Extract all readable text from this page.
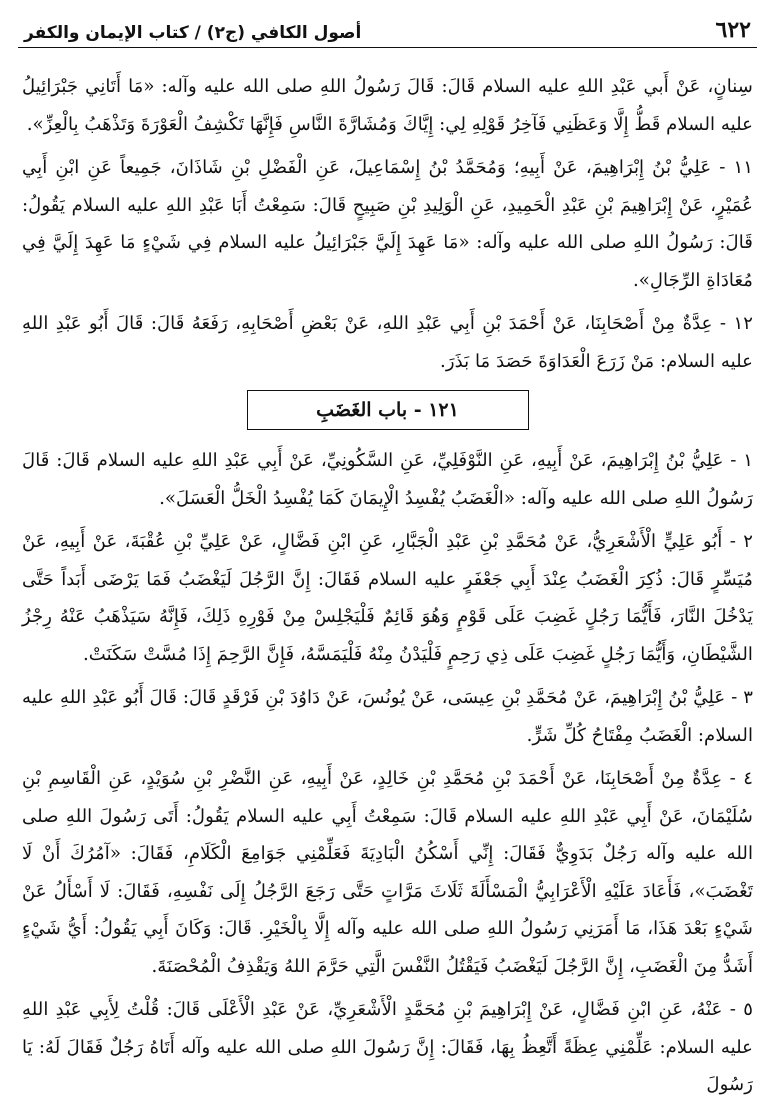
٦٢٢
أصول الكافي (ج٢) / كتاب الإيمان والكفر

سِنانٍ، عَنْ أَبي عَبْدِ اللهِ عليه السلام قَالَ: قَالَ رَسُولُ اللهِ صلى الله عليه وآله: «مَا أَتَانِي جَبْرَائِيلُ عليه السلام قَطُّ إِلَّا وَعَظَنِي فَآخِرُ قَوْلِهِ لِي: إِيَّاكَ وَمُشَارَّةَ النَّاسِ فَإِنَّهَا تَكْشِفُ الْعَوْرَةَ وَتَذْهَبُ بِالْعِزِّ».

١١ - عَلِيُّ بْنُ إِبْرَاهِيمَ، عَنْ أَبِيهِ؛ وَمُحَمَّدُ بْنُ إِسْمَاعِيلَ، عَنِ الْفَضْلِ بْنِ شَاذَانَ، جَمِيعاً عَنِ ابْنِ أَبِي عُمَيْرٍ، عَنْ إِبْرَاهِيمَ بْنِ عَبْدِ الْحَمِيدِ، عَنِ الْوَلِيدِ بْنِ صَبِيحٍ قَالَ: سَمِعْتُ أَبَا عَبْدِ اللهِ عليه السلام يَقُولُ: قَالَ: رَسُولُ اللهِ صلى الله عليه وآله: «مَا عَهِدَ إِلَيَّ جَبْرَائِيلُ عليه السلام فِي شَيْءٍ مَا عَهِدَ إِلَيَّ فِي مُعَادَاةِ الرِّجَالِ».

١٢ - عِدَّةٌ مِنْ أَصْحَابِنَا، عَنْ أَحْمَدَ بْنِ أَبِي عَبْدِ اللهِ، عَنْ بَعْضِ أَصْحَابِهِ، رَفَعَهُ قَالَ: قَالَ أَبُو عَبْدِ اللهِ عليه السلام: مَنْ زَرَعَ الْعَدَاوَةَ حَصَدَ مَا بَذَرَ.

١٢١ - باب الغَضَبِ

١ - عَلِيُّ بْنُ إِبْرَاهِيمَ، عَنْ أَبِيهِ، عَنِ النَّوْفَلِيِّ، عَنِ السَّكُونِيِّ، عَنْ أَبِي عَبْدِ اللهِ عليه السلام قَالَ: قَالَ رَسُولُ اللهِ صلى الله عليه وآله: «الْغَضَبُ يُفْسِدُ الْإِيمَانَ كَمَا يُفْسِدُ الْخَلُّ الْعَسَلَ».

٢ - أَبُو عَلِيٍّ الْأَشْعَرِيُّ، عَنْ مُحَمَّدِ بْنِ عَبْدِ الْجَبَّارِ، عَنِ ابْنِ فَضَّالٍ، عَنْ عَلِيِّ بْنِ عُقْبَةَ، عَنْ أَبِيهِ، عَنْ مُيَسِّرٍ قَالَ: ذُكِرَ الْغَضَبُ عِنْدَ أَبِي جَعْفَرٍ عليه السلام فَقَالَ: إِنَّ الرَّجُلَ لَيَغْضَبُ فَمَا يَرْضَى أَبَداً حَتَّى يَدْخُلَ النَّارَ، فَأَيُّمَا رَجُلٍ غَضِبَ عَلَى قَوْمٍ وَهُوَ قَائِمٌ فَلْيَجْلِسْ مِنْ فَوْرِهِ ذَلِكَ، فَإِنَّهُ سَيَذْهَبُ عَنْهُ رِجْزُ الشَّيْطَانِ، وَأَيُّمَا رَجُلٍ غَضِبَ عَلَى ذِي رَحِمٍ فَلْيَدْنُ مِنْهُ فَلْيَمَسَّهُ، فَإِنَّ الرَّحِمَ إِذَا مُسَّتْ سَكَنَتْ.

٣ - عَلِيُّ بْنُ إِبْرَاهِيمَ، عَنْ مُحَمَّدِ بْنِ عِيسَى، عَنْ يُونُسَ، عَنْ دَاوُدَ بْنِ فَرْقَدٍ قَالَ: قَالَ أَبُو عَبْدِ اللهِ عليه السلام: الْغَضَبُ مِفْتَاحُ كُلِّ شَرٍّ.

٤ - عِدَّةٌ مِنْ أَصْحَابِنَا، عَنْ أَحْمَدَ بْنِ مُحَمَّدِ بْنِ خَالِدٍ، عَنْ أَبِيهِ، عَنِ النَّضْرِ بْنِ سُوَيْدٍ، عَنِ الْقَاسِمِ بْنِ سُلَيْمَانَ، عَنْ أَبِي عَبْدِ اللهِ عليه السلام قَالَ: سَمِعْتُ أَبِي عليه السلام يَقُولُ: أَتَى رَسُولَ اللهِ صلى الله عليه وآله رَجُلٌ بَدَوِيٌّ فَقَالَ: إِنِّي أَسْكُنُ الْبَادِيَةَ فَعَلِّمْنِي جَوَامِعَ الْكَلَامِ، فَقَالَ: «آمُرُكَ أَنْ لَا تَغْضَبَ»، فَأَعَادَ عَلَيْهِ الْأَعْرَابِيُّ الْمَسْأَلَةَ ثَلَاثَ مَرَّاتٍ حَتَّى رَجَعَ الرَّجُلُ إِلَى نَفْسِهِ، فَقَالَ: لَا أَسْأَلُ عَنْ شَيْءٍ بَعْدَ هَذَا، مَا أَمَرَنِي رَسُولُ اللهِ صلى الله عليه وآله إِلَّا بِالْخَيْرِ. قَالَ: وَكَانَ أَبِي يَقُولُ: أَيُّ شَيْءٍ أَشَدُّ مِنَ الْغَضَبِ، إِنَّ الرَّجُلَ لَيَغْضَبُ فَيَقْتُلُ النَّفْسَ الَّتِي حَرَّمَ اللهُ وَيَقْذِفُ الْمُحْصَنَةَ.

٥ - عَنْهُ، عَنِ ابْنِ فَضَّالٍ، عَنْ إِبْرَاهِيمَ بْنِ مُحَمَّدٍ الْأَشْعَرِيِّ، عَنْ عَبْدِ الْأَعْلَى قَالَ: قُلْتُ لِأَبِي عَبْدِ اللهِ عليه السلام: عَلِّمْنِي عِظَةً أَتَّعِظُ بِهَا، فَقَالَ: إِنَّ رَسُولَ اللهِ صلى الله عليه وآله أَتَاهُ رَجُلٌ فَقَالَ لَهُ: يَا رَسُولَ
